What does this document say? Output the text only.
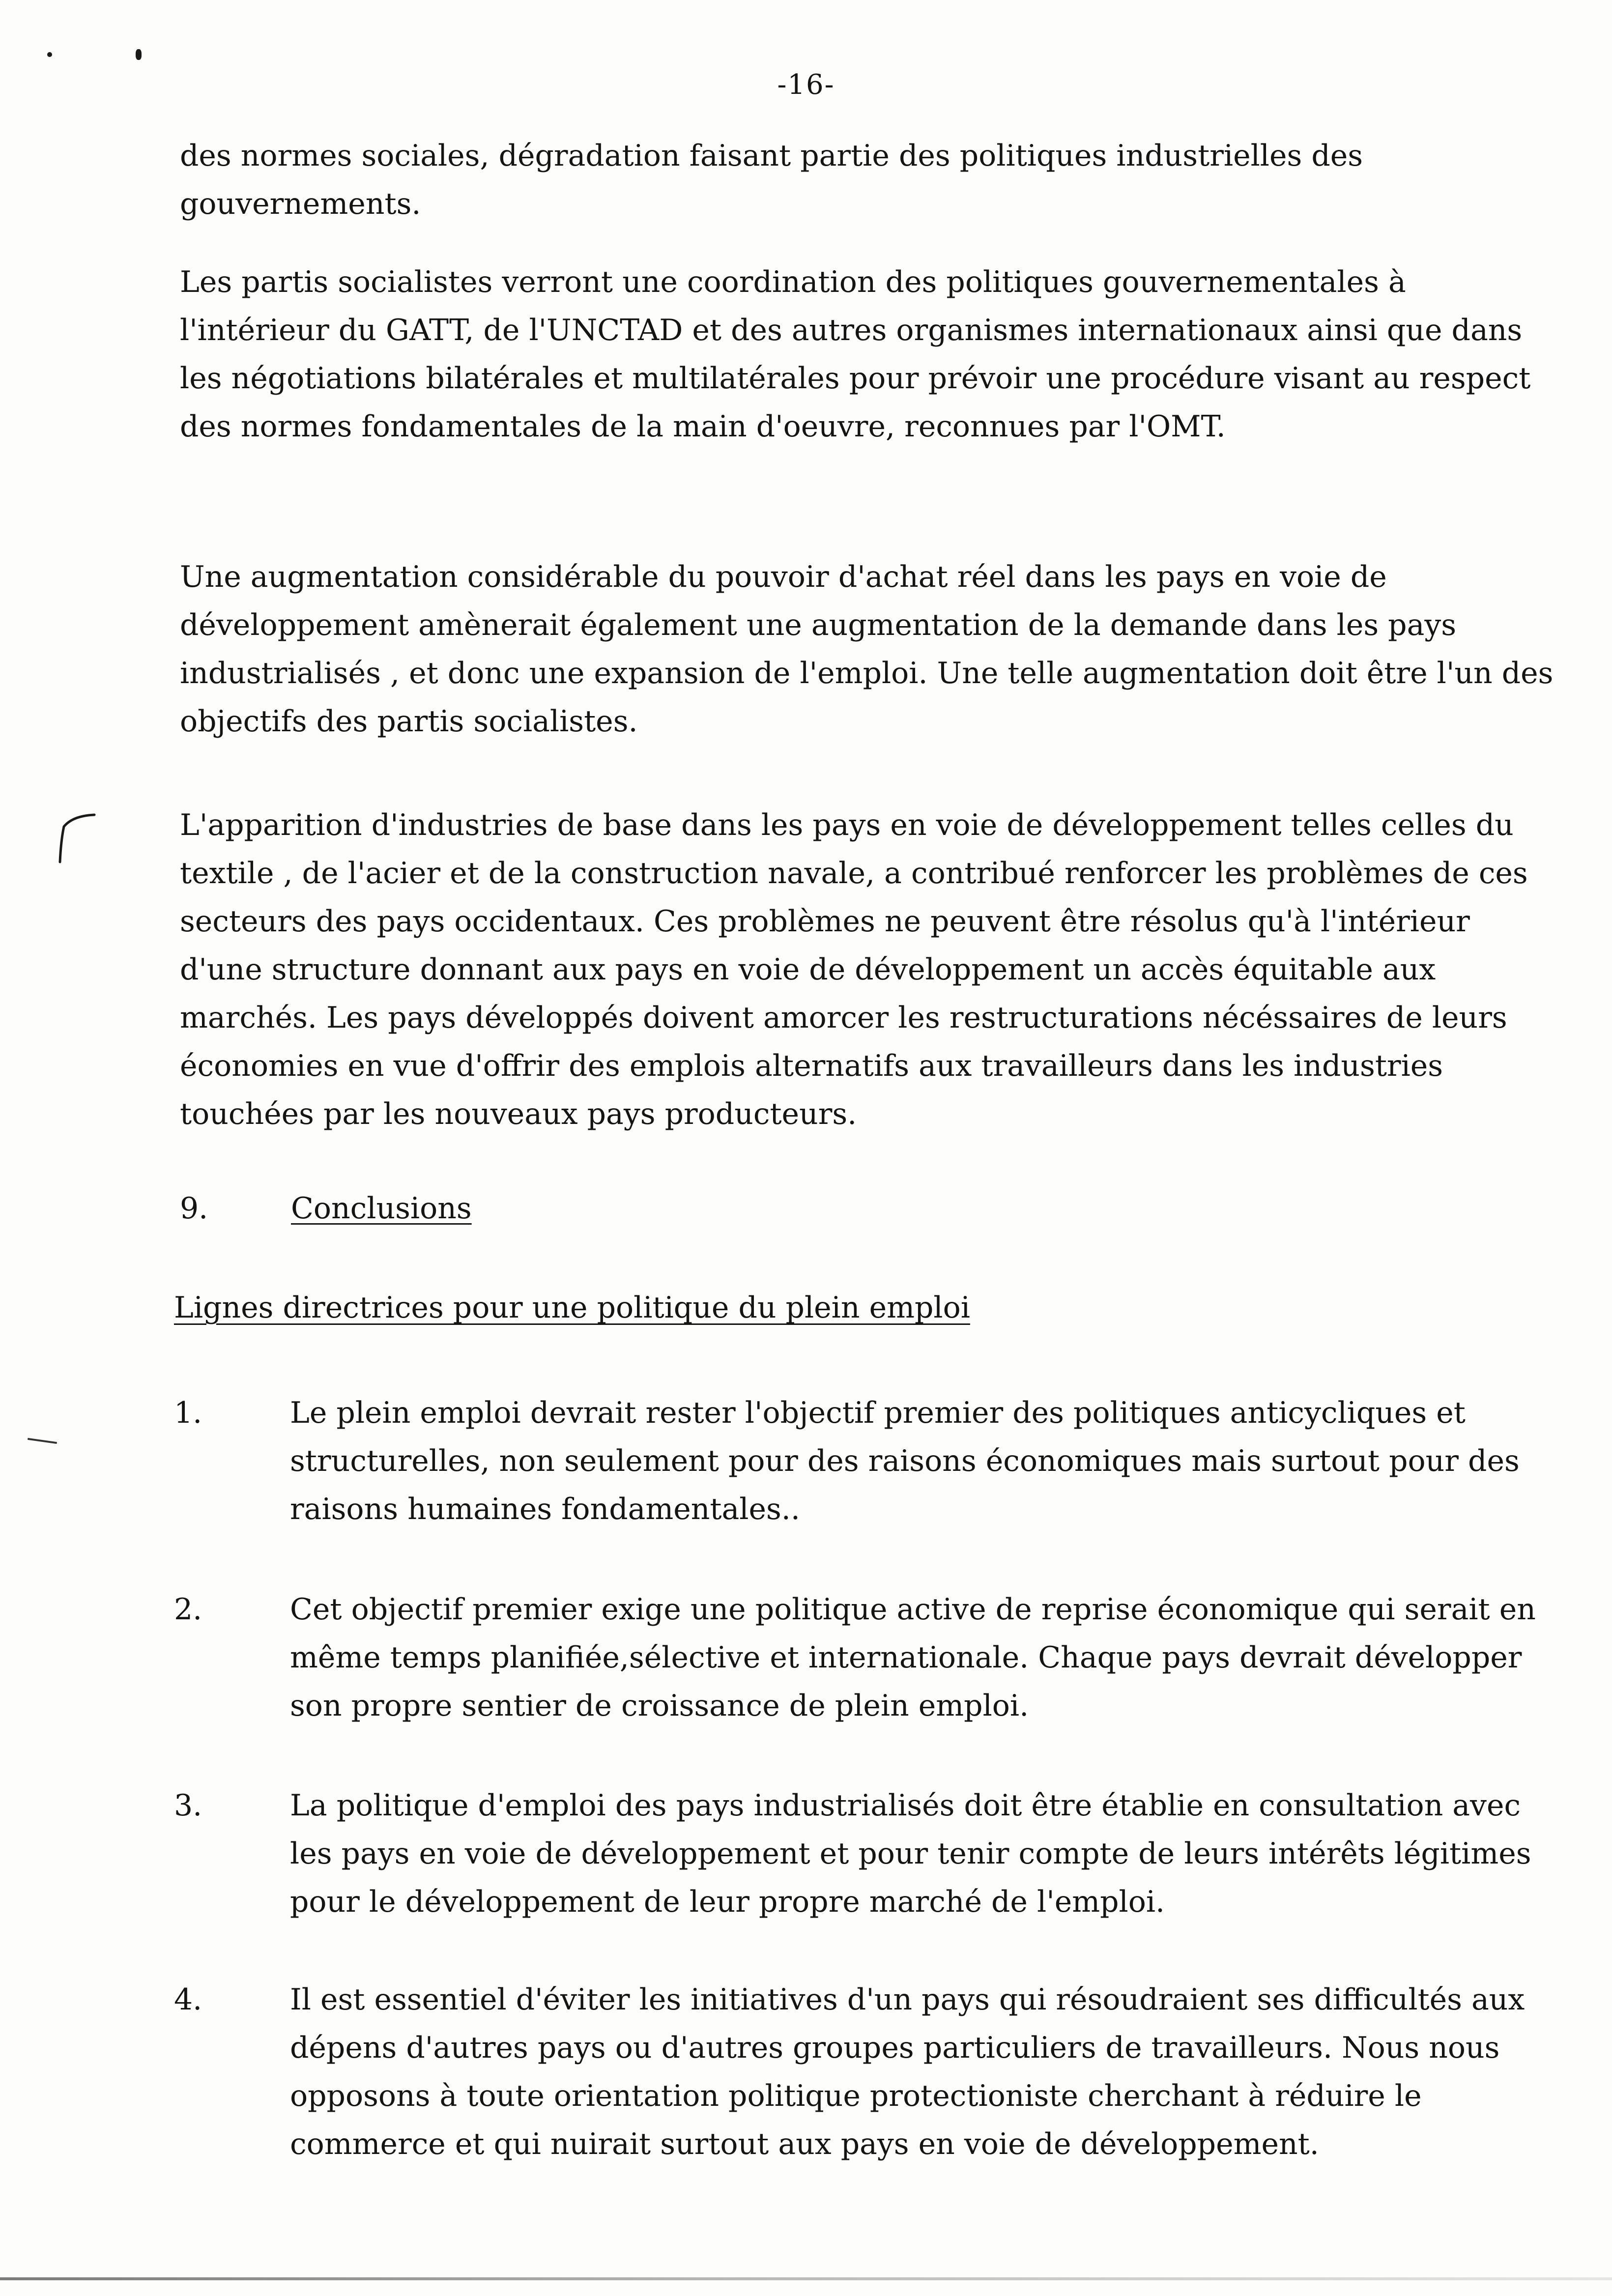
-16-

des normes sociales, dégradation faisant partie des politiques industrielles des gouvernements.

Les partis socialistes verront une coordination des politiques gouvernementales à l'intérieur du GATT, de l'UNCTAD et des autres organismes internationaux ainsi que dans les négotiations bilatérales et multilatérales pour prévoir une procédure visant au respect des normes fondamentales de la main d'oeuvre, reconnues par l'OMT.

Une augmentation considérable du pouvoir d'achat réel dans les pays en voie de développement amènerait également une augmentation de la demande dans les pays industrialisés , et donc une expansion de l'emploi. Une telle augmentation doit être l'un des objectifs des partis socialistes.

L'apparition d'industries de base dans les pays en voie de développement telles celles du textile , de l'acier et de la construction navale, a contribué renforcer les problèmes de ces secteurs des pays occidentaux. Ces problèmes ne peuvent être résolus qu'à l'intérieur d'une structure donnant aux pays en voie de développement un accès équitable aux marchés. Les pays développés doivent amorcer les restructurations nécéssaires de leurs économies en vue d'offrir des emplois alternatifs aux travailleurs dans les industries touchées par les nouveaux pays producteurs.

9.	Conclusions
Lignes directrices pour une politique du plein emploi
1.	Le plein emploi devrait rester l'objectif premier des politiques anticycliques et structurelles, non seulement pour des raisons économiques mais surtout pour des raisons humaines fondamentales..
2.	Cet objectif premier exige une politique active de reprise économique qui serait en même temps planifiée,sélective et internationale. Chaque pays devrait développer son propre sentier de croissance de plein emploi.
3.	La politique d'emploi des pays industrialisés doit être établie en consultation avec les pays en voie de développement et pour tenir compte de leurs intérêts légitimes pour le développement de leur propre marché de l'emploi.
4.	Il est essentiel d'éviter les initiatives d'un pays qui résoudraient ses difficultés aux dépens d'autres pays ou d'autres groupes particuliers de travailleurs. Nous nous opposons à toute orientation politique protectioniste cherchant à réduire le commerce et qui nuirait surtout aux pays en voie de développement.
